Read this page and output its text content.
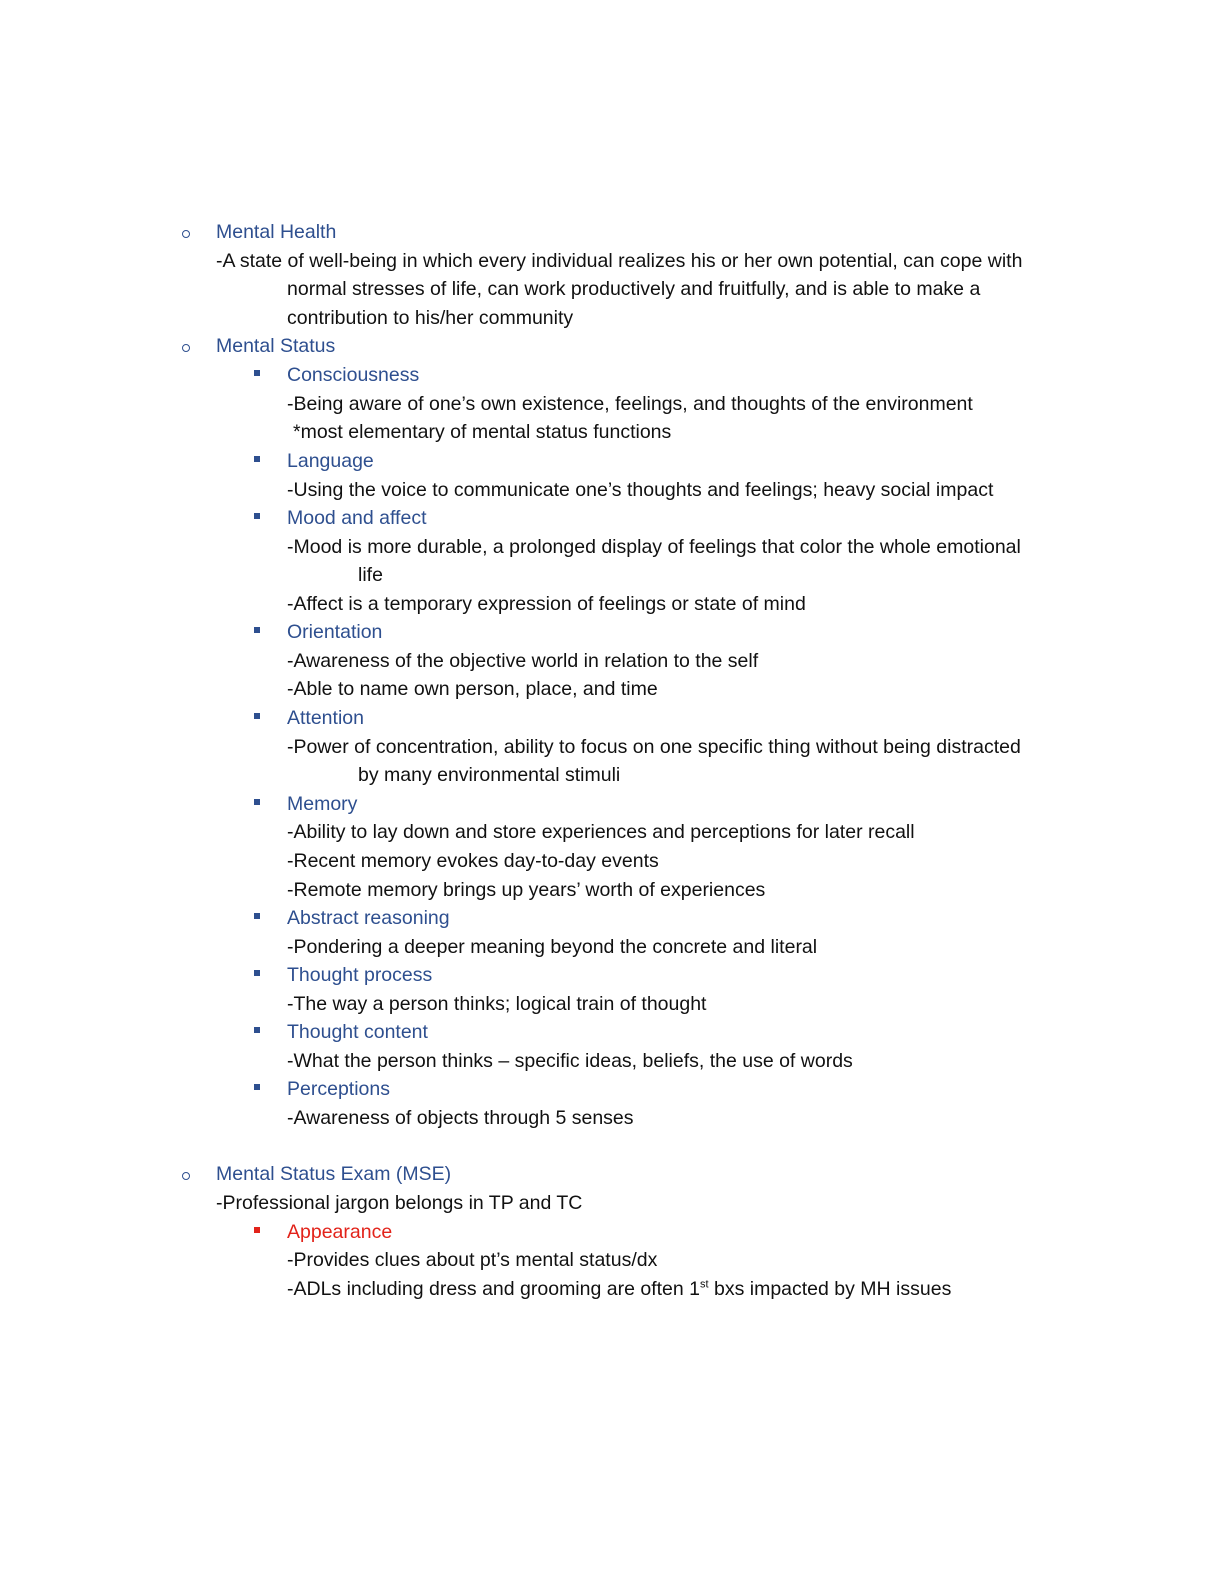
Mental Health
-A state of well-being in which every individual realizes his or her own potential, can cope with
normal stresses of life, can work productively and fruitfully, and is able to make a
contribution to his/her community
Mental Status
Consciousness
-Being aware of one’s own existence, feelings, and thoughts of the environment
*most elementary of mental status functions
Language
-Using the voice to communicate one’s thoughts and feelings; heavy social impact
Mood and affect
-Mood is more durable, a prolonged display of feelings that color the whole emotional
life
-Affect is a temporary expression of feelings or state of mind
Orientation
-Awareness of the objective world in relation to the self
-Able to name own person, place, and time
Attention
-Power of concentration, ability to focus on one specific thing without being distracted
by many environmental stimuli
Memory
-Ability to lay down and store experiences and perceptions for later recall
-Recent memory evokes day-to-day events
-Remote memory brings up years’ worth of experiences
Abstract reasoning
-Pondering a deeper meaning beyond the concrete and literal
Thought process
-The way a person thinks; logical train of thought
Thought content
-What the person thinks – specific ideas, beliefs, the use of words
Perceptions
-Awareness of objects through 5 senses
Mental Status Exam (MSE)
-Professional jargon belongs in TP and TC
Appearance
-Provides clues about pt’s mental status/dx
-ADLs including dress and grooming are often 1st bxs impacted by MH issues
